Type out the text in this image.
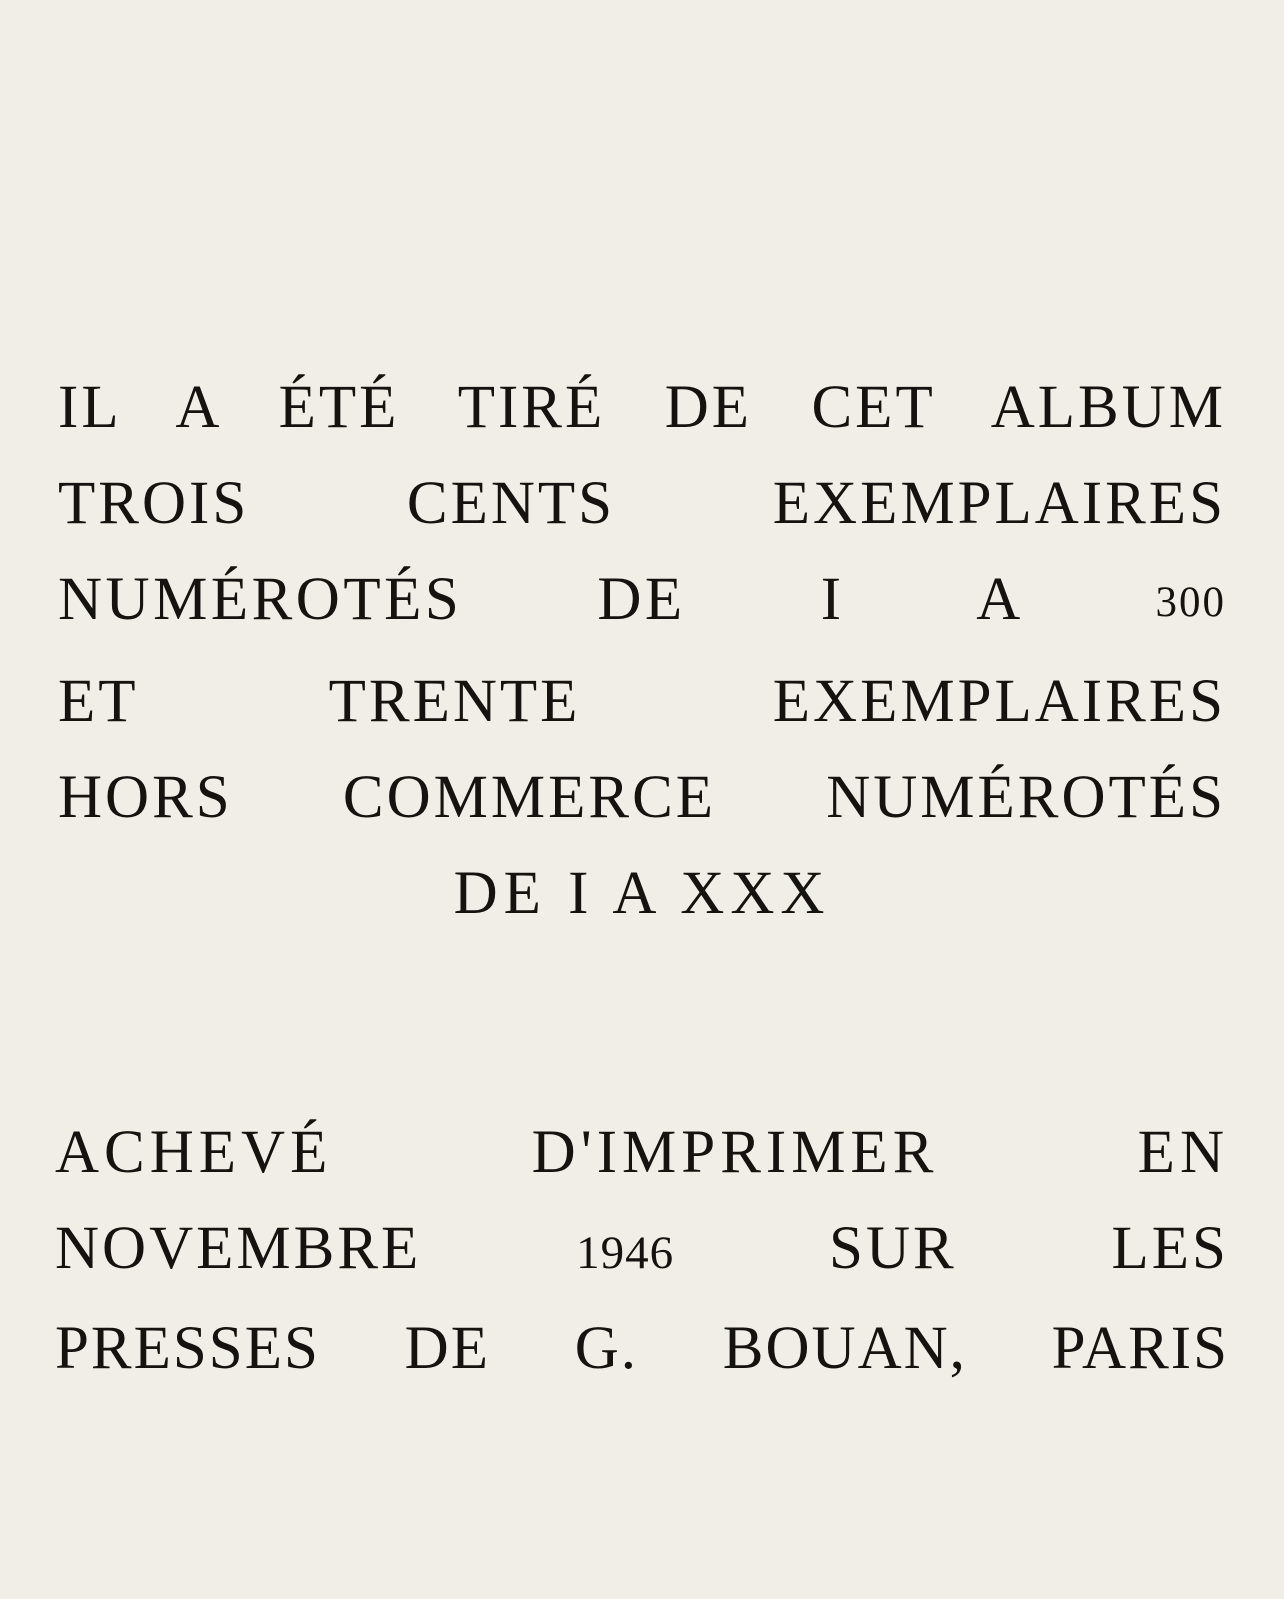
IL A ÉTÉ TIRÉ DE CET ALBUM
TROIS CENTS EXEMPLAIRES
NUMÉROTÉS DE I A	300
ET TRENTE EXEMPLAIRES
HORS COMMERCE NUMÉROTÉS
DE I A XXX
ACHEVÉ D'IMPRIMER EN
NOVEMBRE	1946	SUR LES
PRESSES DE G. BOUAN, PARIS
